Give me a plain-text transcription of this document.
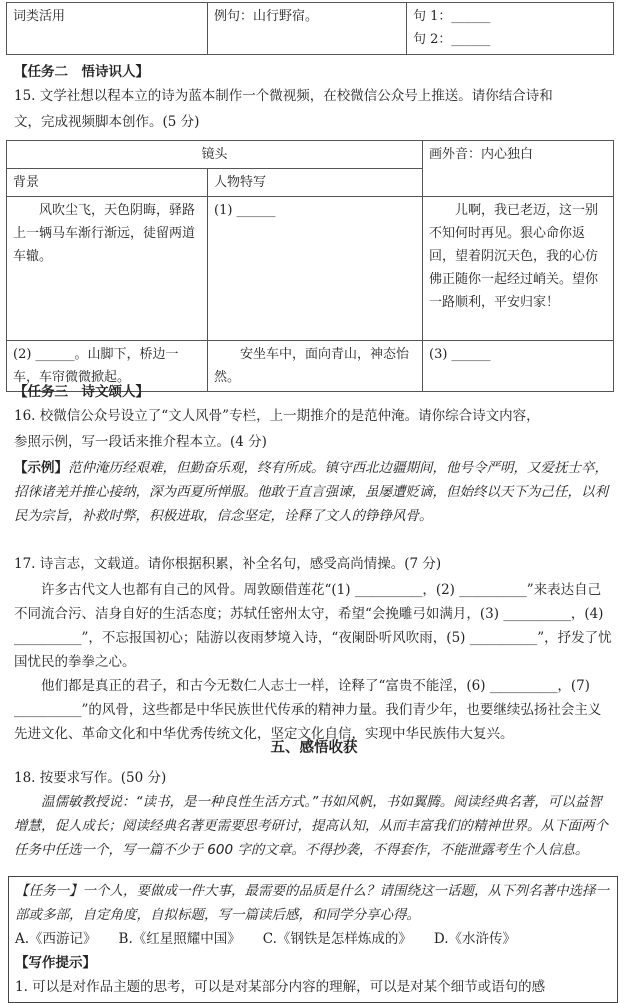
词类活用	例句：山行野宿。	句 1：______
句 2：______
【任务二　悟诗识人】
15. 文学社想以程本立的诗为蓝本制作一个微视频，在校微信公众号上推送。请你结合诗和
文，完成视频脚本创作。(5 分)
镜头		画外音：内心独白
背景	人物特写	
风吹尘飞，天色阴晦，驿路上一辆马车渐行渐远，徒留两道车辙。	(1) ______	儿啊，我已老迈，这一别不知何时再见。狠心命你返回，望着阴沉天色，我的心仿佛正随你一起经过峭关。望你一路顺利，平安归家！
(2) ______。山脚下，桥边一车，车帘微微掀起。	安坐车中，面向青山，神态怡然。	(3) ______
【任务三　诗文颂人】
16. 校微信公众号设立了“文人风骨”专栏，上一期推介的是范仲淹。请你综合诗文内容，
参照示例，写一段话来推介程本立。(4 分)
【示例】范仲淹历经艰难，但勤奋乐观，终有所成。镇守西北边疆期间，他号令严明，又爱抚士卒，招徕诸羌并推心接纳，深为西夏所惮服。他敢于直言强谏，虽屡遭贬谪，但始终以天下为己任，以利民为宗旨，补救时弊，积极进取，信念坚定，诠释了文人的铮铮风骨。
17. 诗言志，文载道。请你根据积累，补全名句，感受高尚情操。(7 分)
许多古代文人也都有自己的风骨。周敦颐借莲花“(1) __________，(2) __________”来表达自己不同流合污、洁身自好的生活态度；苏轼任密州太守，希望“会挽雕弓如满月，(3) __________，(4) __________”，不忘报国初心；陆游以夜雨梦境入诗，“夜阑卧听风吹雨，(5) __________”，抒发了忧国忧民的拳拳之心。
他们都是真正的君子，和古今无数仁人志士一样，诠释了“富贵不能淫，(6) __________，(7) __________”的风骨，这些都是中华民族世代传承的精神力量。我们青少年，也要继续弘扬社会主义先进文化、革命文化和中华优秀传统文化，坚定文化自信，实现中华民族伟大复兴。
五、感悟收获
18. 按要求写作。(50 分)
温儒敏教授说：“读书，是一种良性生活方式。”书如风帆，书如翼腾。阅读经典名著，可以益智增慧，促人成长；阅读经典名著更需要思考研讨，提高认知，从而丰富我们的精神世界。从下面两个任务中任选一个，写一篇不少于 600 字的文章。不得抄袭，不得套作，不能泄露考生个人信息。
【任务一】一个人，要做成一件大事，最需要的品质是什么？请围绕这一话题，从下列名著中选择一部或多部，自定角度，自拟标题，写一篇读后感，和同学分享心得。
A.《西游记》 B.《红星照耀中国》 C.《钢铁是怎样炼成的》 D.《水浒传》
【写作提示】
1. 可以是对作品主题的思考，可以是对某部分内容的理解，可以是对某个细节或语句的感
